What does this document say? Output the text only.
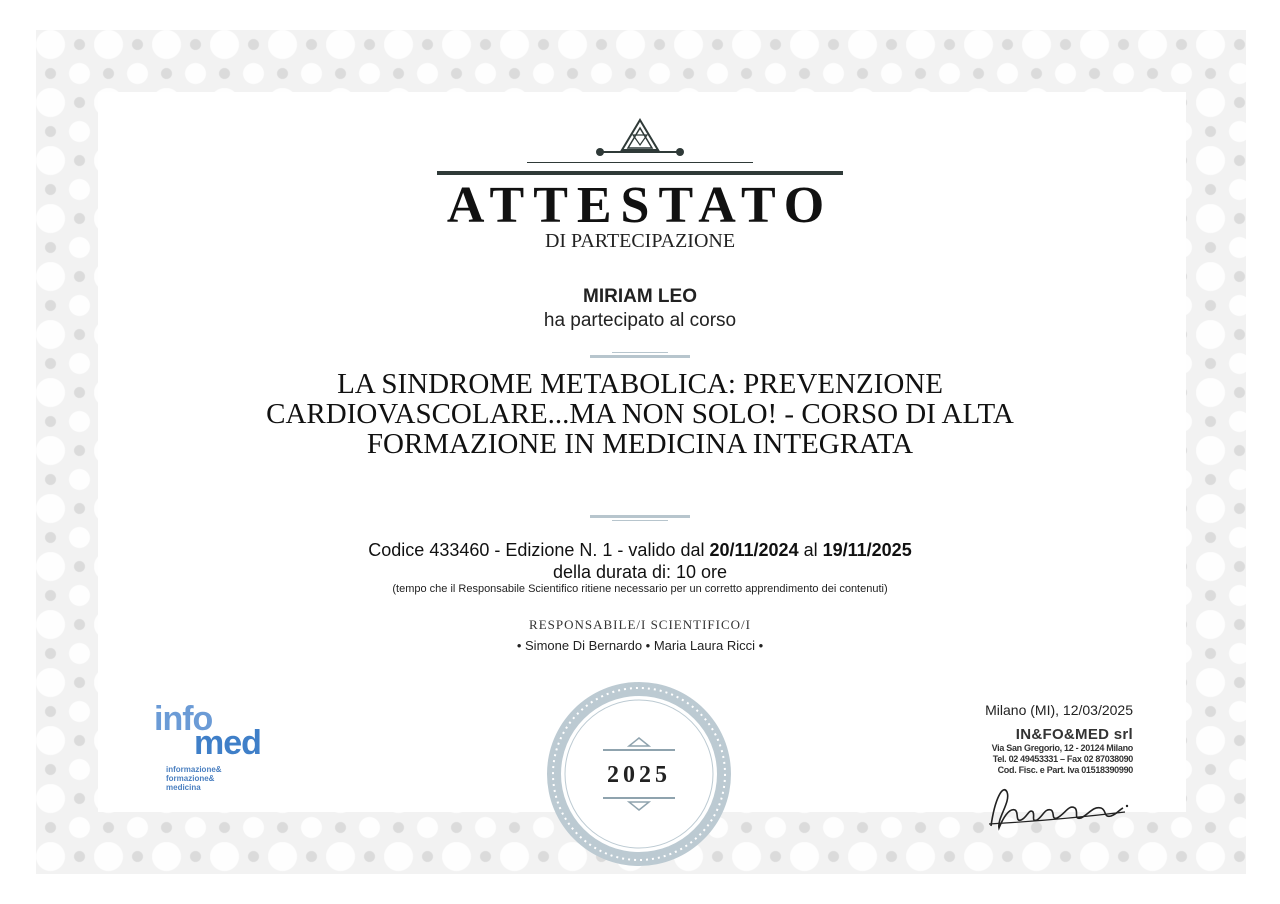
ATTESTATO
DI PARTECIPAZIONE
MIRIAM LEO
ha partecipato al corso
LA SINDROME METABOLICA: PREVENZIONE CARDIOVASCOLARE...MA NON SOLO! - CORSO DI ALTA FORMAZIONE IN MEDICINA INTEGRATA
Codice 433460 - Edizione N. 1 - valido dal 20/11/2024 al 19/11/2025
della durata di: 10 ore
(tempo che il Responsabile Scientifico ritiene necessario per un corretto apprendimento dei contenuti)
RESPONSABILE/I SCIENTIFICO/I
• Simone Di Bernardo • Maria Laura Ricci •
info
med
informazione&
formazione&
medicina	2025
Milano (MI), 12/03/2025
IN&FO&MED srl
Via San Gregorio, 12 - 20124 Milano
Tel. 02 49453331 – Fax 02 87038090
Cod. Fisc. e Part. Iva 01518390990
